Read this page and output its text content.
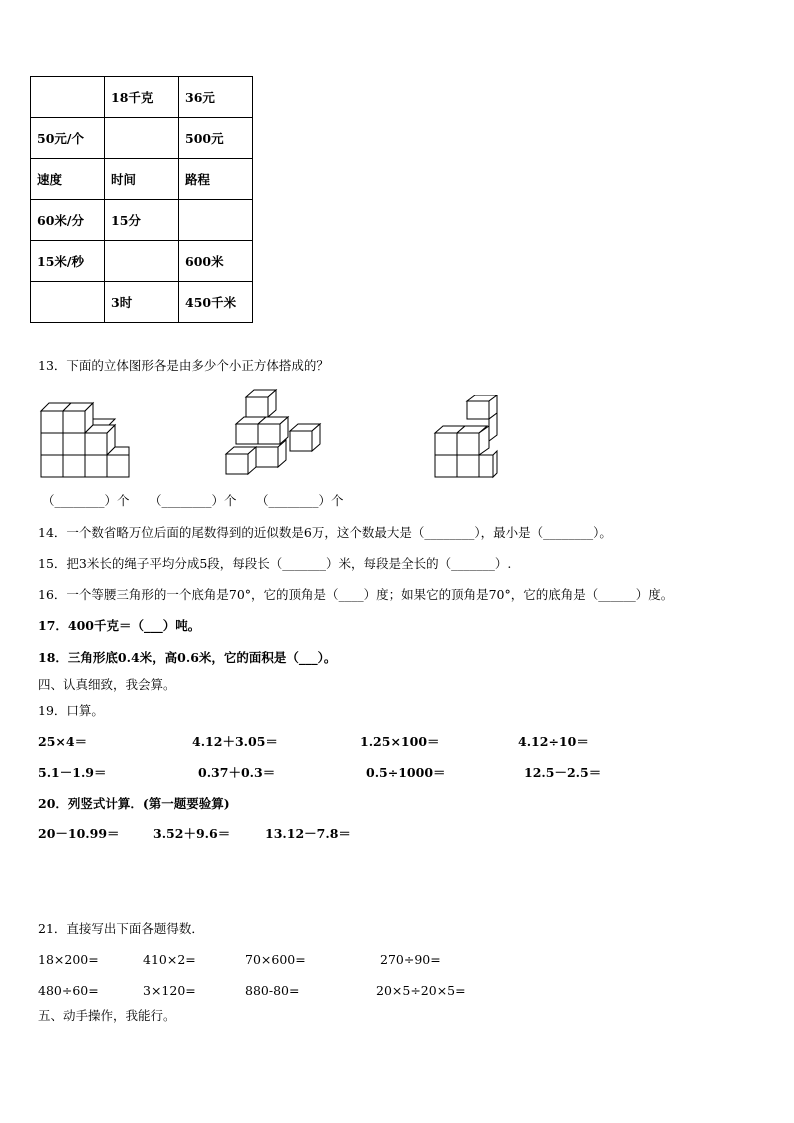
	18千克	36元
50元/个		500元
速度	时间	路程
60米/分	15分	
15米/秒		600米
	3时	450千米
13．下面的立体图形各是由多少个小正方体搭成的？
（________）个 （________）个 （________）个
14．一个数省略万位后面的尾数得到的近似数是6万，这个数最大是（________），最小是（________）。
15．把3米长的绳子平均分成5段，每段长（_______）米，每段是全长的（_______）.
16．一个等腰三角形的一个底角是70°，它的顶角是（____）度；如果它的顶角是70°，它的底角是（______）度。
17．400千克＝（___）吨。
18．三角形底0.4米，高0.6米，它的面积是（___）。
四、认真细致，我会算。
19．口算。
25×4＝	4.12＋3.05＝	1.25×100＝	4.12÷10＝
5.1－1.9＝	0.37＋0.3＝	0.5÷1000＝	12.5－2.5＝
20．列竖式计算．(第一题要验算)
20－10.99＝	3.52＋9.6＝	13.12－7.8＝
21．直接写出下面各题得数．
18×200=	410×2=	70×600=	270÷90=
480÷60=	3×120=	880-80=	20×5÷20×5=
五、动手操作，我能行。
